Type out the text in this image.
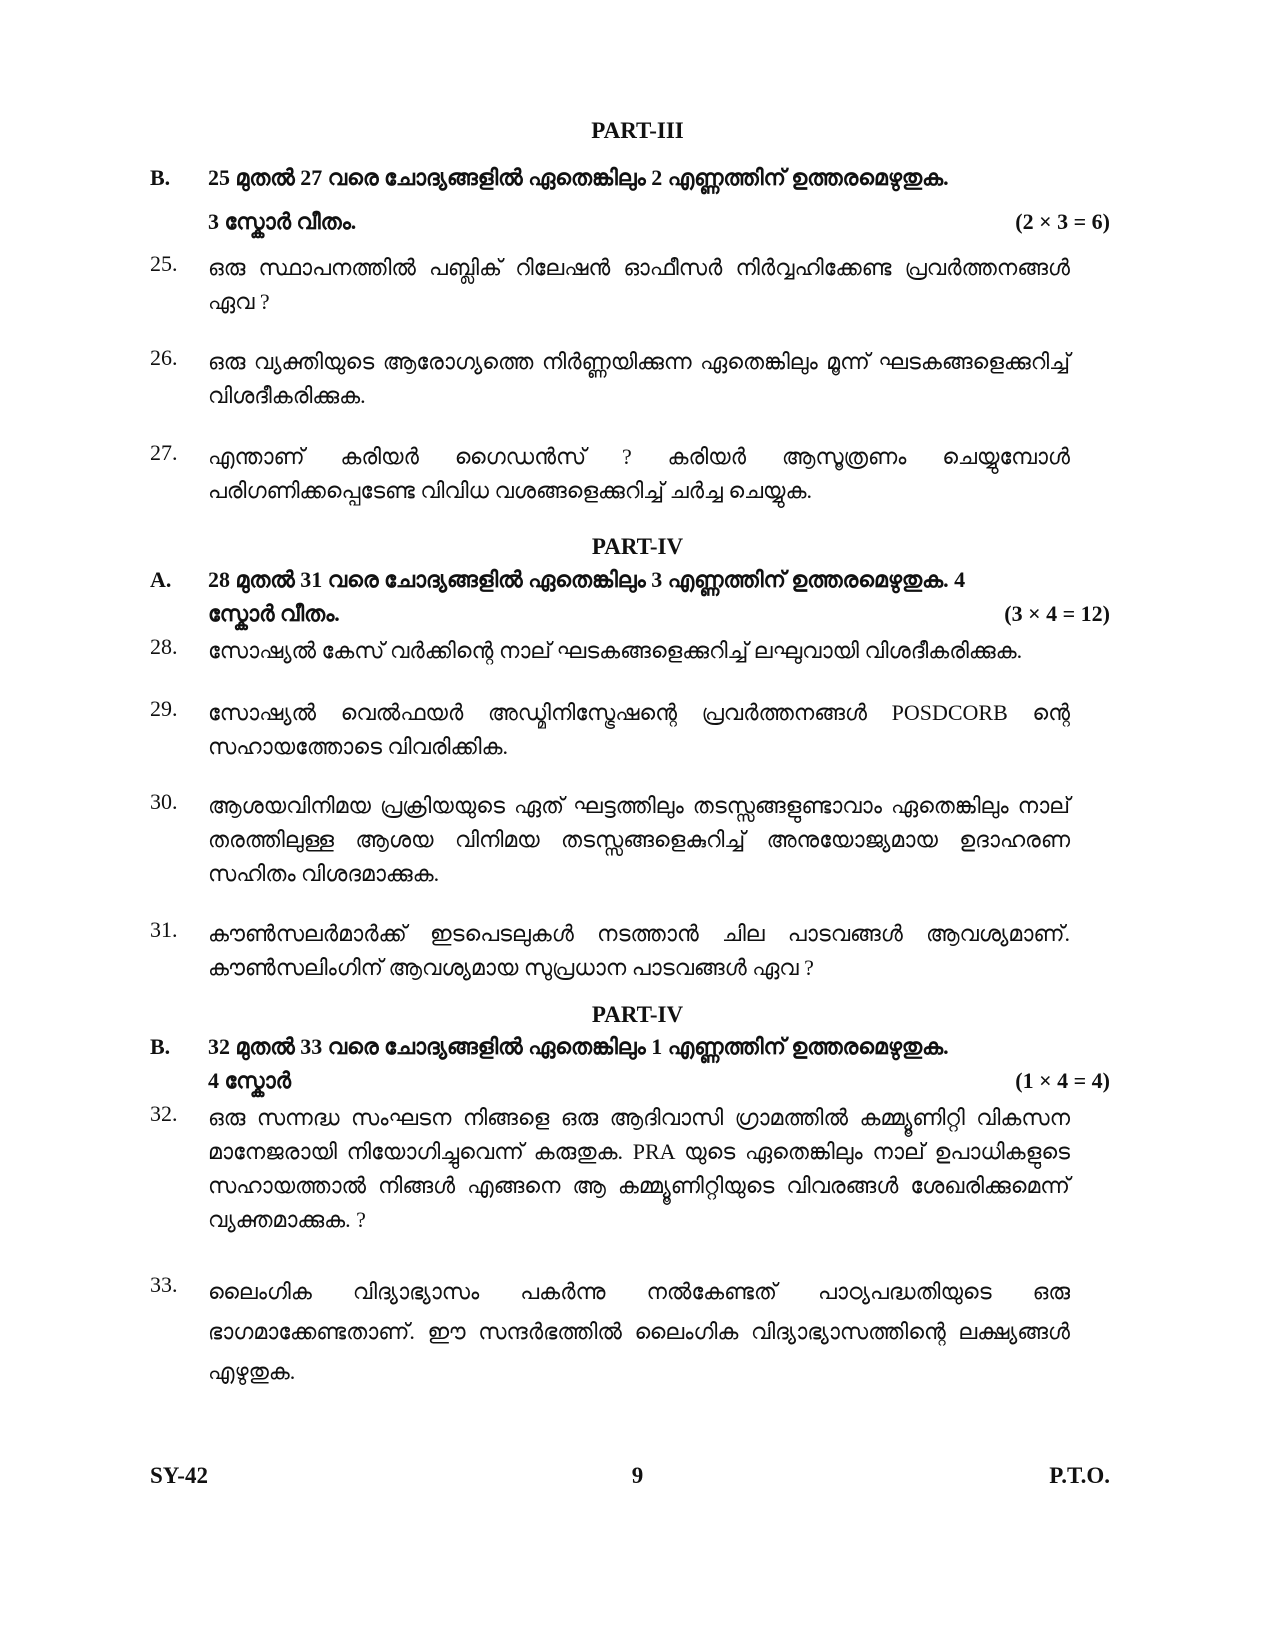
PART-III
B. 25 മുതൽ 27 വരെ ചോദ്യങ്ങളിൽ ഏതെങ്കിലും 2 എണ്ണത്തിന് ഉത്തരമെഴുതുക.
3 സ്കോർ വീതം.	(2 × 3 = 6)
25. ഒരു സ്ഥാപനത്തിൽ പബ്ലിക് റിലേഷൻ ഓഫീസർ നിർവ്വഹിക്കേണ്ട പ്രവർത്തനങ്ങൾ ഏവ ?
26. ഒരു വ്യക്തിയുടെ ആരോഗ്യത്തെ നിർണ്ണയിക്കുന്ന ഏതെങ്കിലും മൂന്ന് ഘടകങ്ങളെക്കുറിച്ച് വിശദീകരിക്കുക.
27. എന്താണ് കരിയർ ഗൈഡൻസ് ? കരിയർ ആസൂത്രണം ചെയ്യുമ്പോൾ പരിഗണിക്കപ്പെടേണ്ട വിവിധ വശങ്ങളെക്കുറിച്ച് ചർച്ച ചെയ്യുക.
PART-IV
A. 28 മുതൽ 31 വരെ ചോദ്യങ്ങളിൽ ഏതെങ്കിലും 3 എണ്ണത്തിന് ഉത്തരമെഴുതുക. 4
സ്കോർ വീതം.	(3 × 4 = 12)
28. സോഷ്യൽ കേസ് വർക്കിന്റെ നാല് ഘടകങ്ങളെക്കുറിച്ച് ലഘുവായി വിശദീകരിക്കുക.
29. സോഷ്യൽ വെൽഫയർ അഡ്മിനിസ്ട്രേഷന്റെ പ്രവർത്തനങ്ങൾ POSDCORB ന്റെ സഹായത്തോടെ വിവരിക്കിക.
30. ആശയവിനിമയ പ്രക്രിയയുടെ ഏത് ഘട്ടത്തിലും തടസ്സങ്ങളുണ്ടാവാം ഏതെങ്കിലും നാല് തരത്തിലുള്ള ആശയ വിനിമയ തടസ്സങ്ങളെകുറിച്ച് അനുയോജ്യമായ ഉദാഹരണ സഹിതം വിശദമാക്കുക.
31. കൗൺസലർമാർക്ക് ഇടപെടലുകൾ നടത്താൻ ചില പാടവങ്ങൾ ആവശ്യമാണ്. കൗൺസലിംഗിന് ആവശ്യമായ സുപ്രധാന പാടവങ്ങൾ ഏവ ?
PART-IV
B. 32 മുതൽ 33 വരെ ചോദ്യങ്ങളിൽ ഏതെങ്കിലും 1 എണ്ണത്തിന് ഉത്തരമെഴുതുക.
4 സ്കോർ	(1 × 4 = 4)
32. ഒരു സന്നദ്ധ സംഘടന നിങ്ങളെ ഒരു ആദിവാസി ഗ്രാമത്തിൽ കമ്മ്യൂണിറ്റി വികസന മാനേജരായി നിയോഗിച്ചുവെന്ന് കരുതുക. PRA യുടെ ഏതെങ്കിലും നാല് ഉപാധികളുടെ സഹായത്താൽ നിങ്ങൾ എങ്ങനെ ആ കമ്മ്യൂണിറ്റിയുടെ വിവരങ്ങൾ ശേഖരിക്കുമെന്ന് വ്യക്തമാക്കുക. ?
33. ലൈംഗിക വിദ്യാഭ്യാസം പകർന്നു നൽകേണ്ടത് പാഠ്യപദ്ധതിയുടെ ഒരു ഭാഗമാക്കേണ്ടതാണ്. ഈ സന്ദർഭത്തിൽ ലൈംഗിക വിദ്യാഭ്യാസത്തിന്റെ ലക്ഷ്യങ്ങൾ എഴുതുക.
SY-42	9	P.T.O.
